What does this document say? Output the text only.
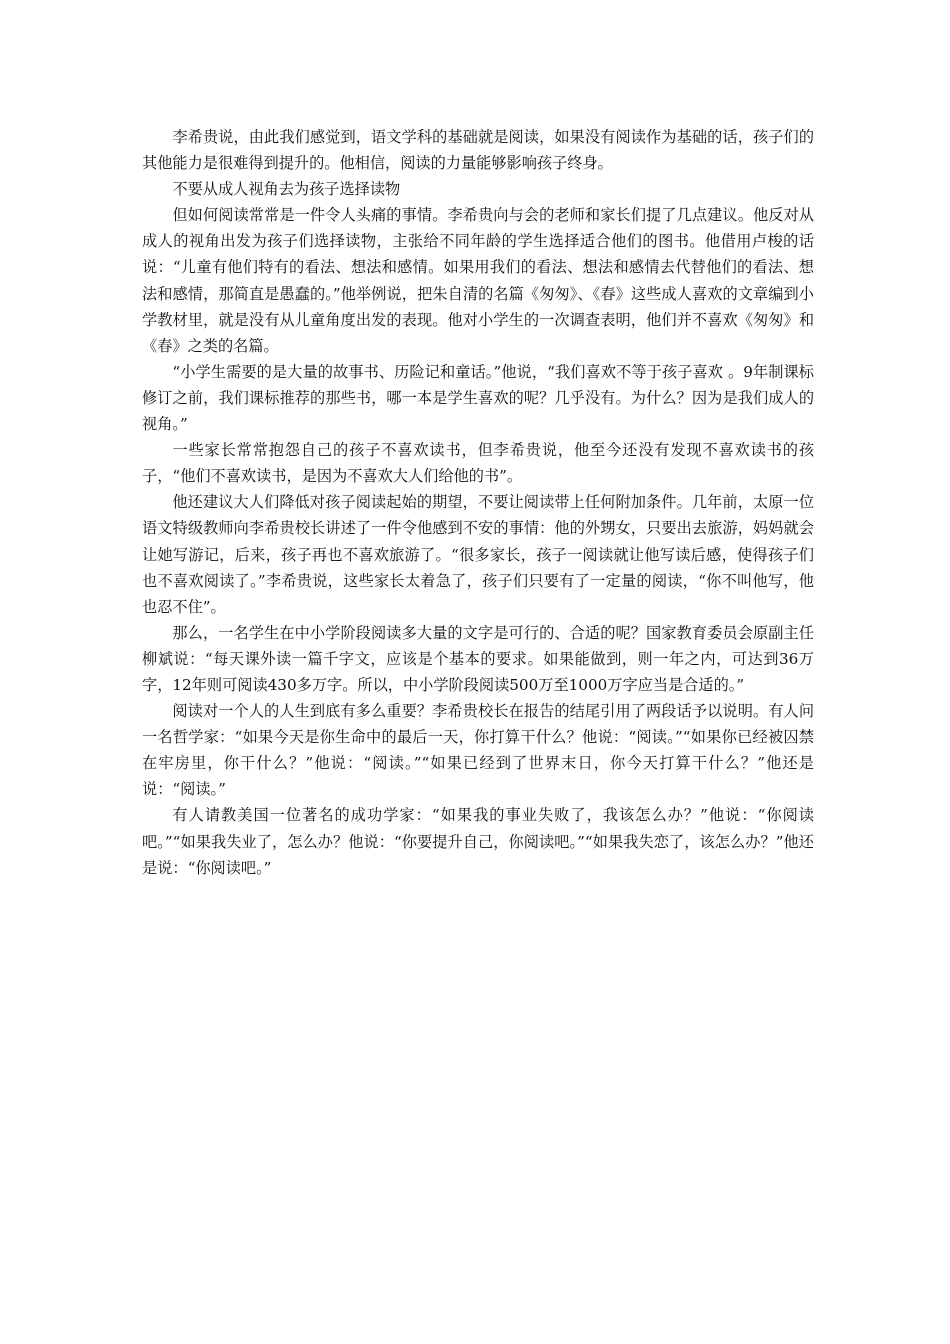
李希贵说，由此我们感觉到，语文学科的基础就是阅读，如果没有阅读作为基础的话，孩子们的其他能力是很难得到提升的。他相信，阅读的力量能够影响孩子终身。

不要从成人视角去为孩子选择读物

但如何阅读常常是一件令人头痛的事情。李希贵向与会的老师和家长们提了几点建议。他反对从成人的视角出发为孩子们选择读物，主张给不同年龄的学生选择适合他们的图书。他借用卢梭的话说：“儿童有他们特有的看法、想法和感情。如果用我们的看法、想法和感情去代替他们的看法、想法和感情，那简直是愚蠢的。”他举例说，把朱自清的名篇《匆匆》、《春》这些成人喜欢的文章编到小学教材里，就是没有从儿童角度出发的表现。他对小学生的一次调查表明，他们并不喜欢《匆匆》和《春》之类的名篇。

“小学生需要的是大量的故事书、历险记和童话。”他说，“我们喜欢不等于孩子喜欢 。9年制课标修订之前，我们课标推荐的那些书，哪一本是学生喜欢的呢？几乎没有。为什么？因为是我们成人的视角。”

一些家长常常抱怨自己的孩子不喜欢读书，但李希贵说，他至今还没有发现不喜欢读书的孩子，“他们不喜欢读书，是因为不喜欢大人们给他的书”。

他还建议大人们降低对孩子阅读起始的期望，不要让阅读带上任何附加条件。几年前，太原一位语文特级教师向李希贵校长讲述了一件令他感到不安的事情：他的外甥女，只要出去旅游，妈妈就会让她写游记，后来，孩子再也不喜欢旅游了。“很多家长，孩子一阅读就让他写读后感，使得孩子们也不喜欢阅读了。”李希贵说，这些家长太着急了，孩子们只要有了一定量的阅读，“你不叫他写，他也忍不住”。

那么，一名学生在中小学阶段阅读多大量的文字是可行的、合适的呢？国家教育委员会原副主任柳斌说：“每天课外读一篇千字文，应该是个基本的要求。如果能做到，则一年之内，可达到36万字，12年则可阅读430多万字。所以，中小学阶段阅读500万至1000万字应当是合适的。”

阅读对一个人的人生到底有多么重要？李希贵校长在报告的结尾引用了两段话予以说明。有人问一名哲学家：“如果今天是你生命中的最后一天，你打算干什么？他说：“阅读。”“如果你已经被囚禁在牢房里，你干什么？”他说：“阅读。”“如果已经到了世界末日，你今天打算干什么？”他还是说：“阅读。”

有人请教美国一位著名的成功学家：“如果我的事业失败了，我该怎么办？”他说：“你阅读吧。”“如果我失业了，怎么办？他说：“你要提升自己，你阅读吧。”“如果我失恋了，该怎么办？”他还是说：“你阅读吧。”
